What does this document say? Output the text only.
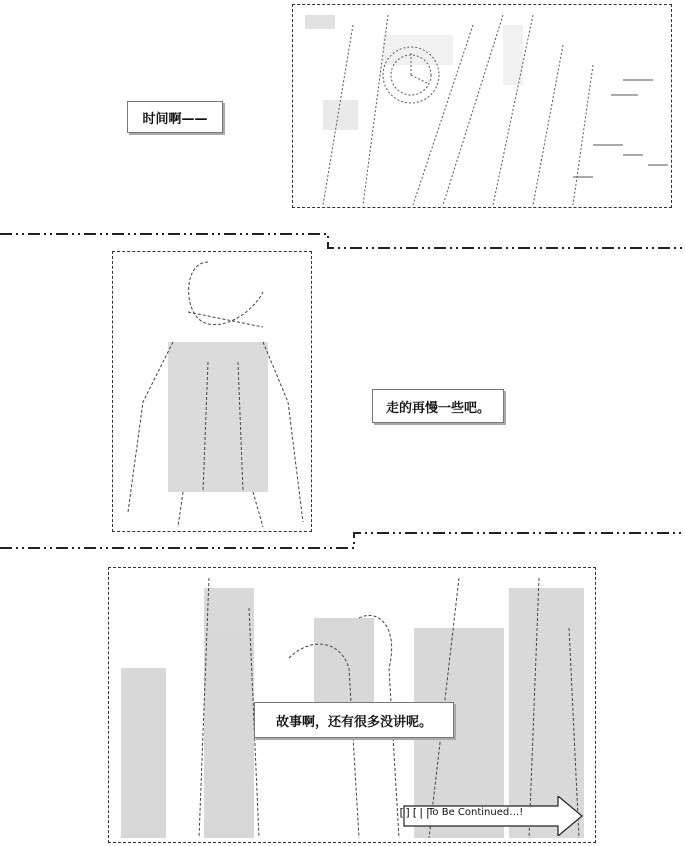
时间啊——
走的再慢一些吧。
故事啊，还有很多没讲呢。
[][||
To Be Continued…!
